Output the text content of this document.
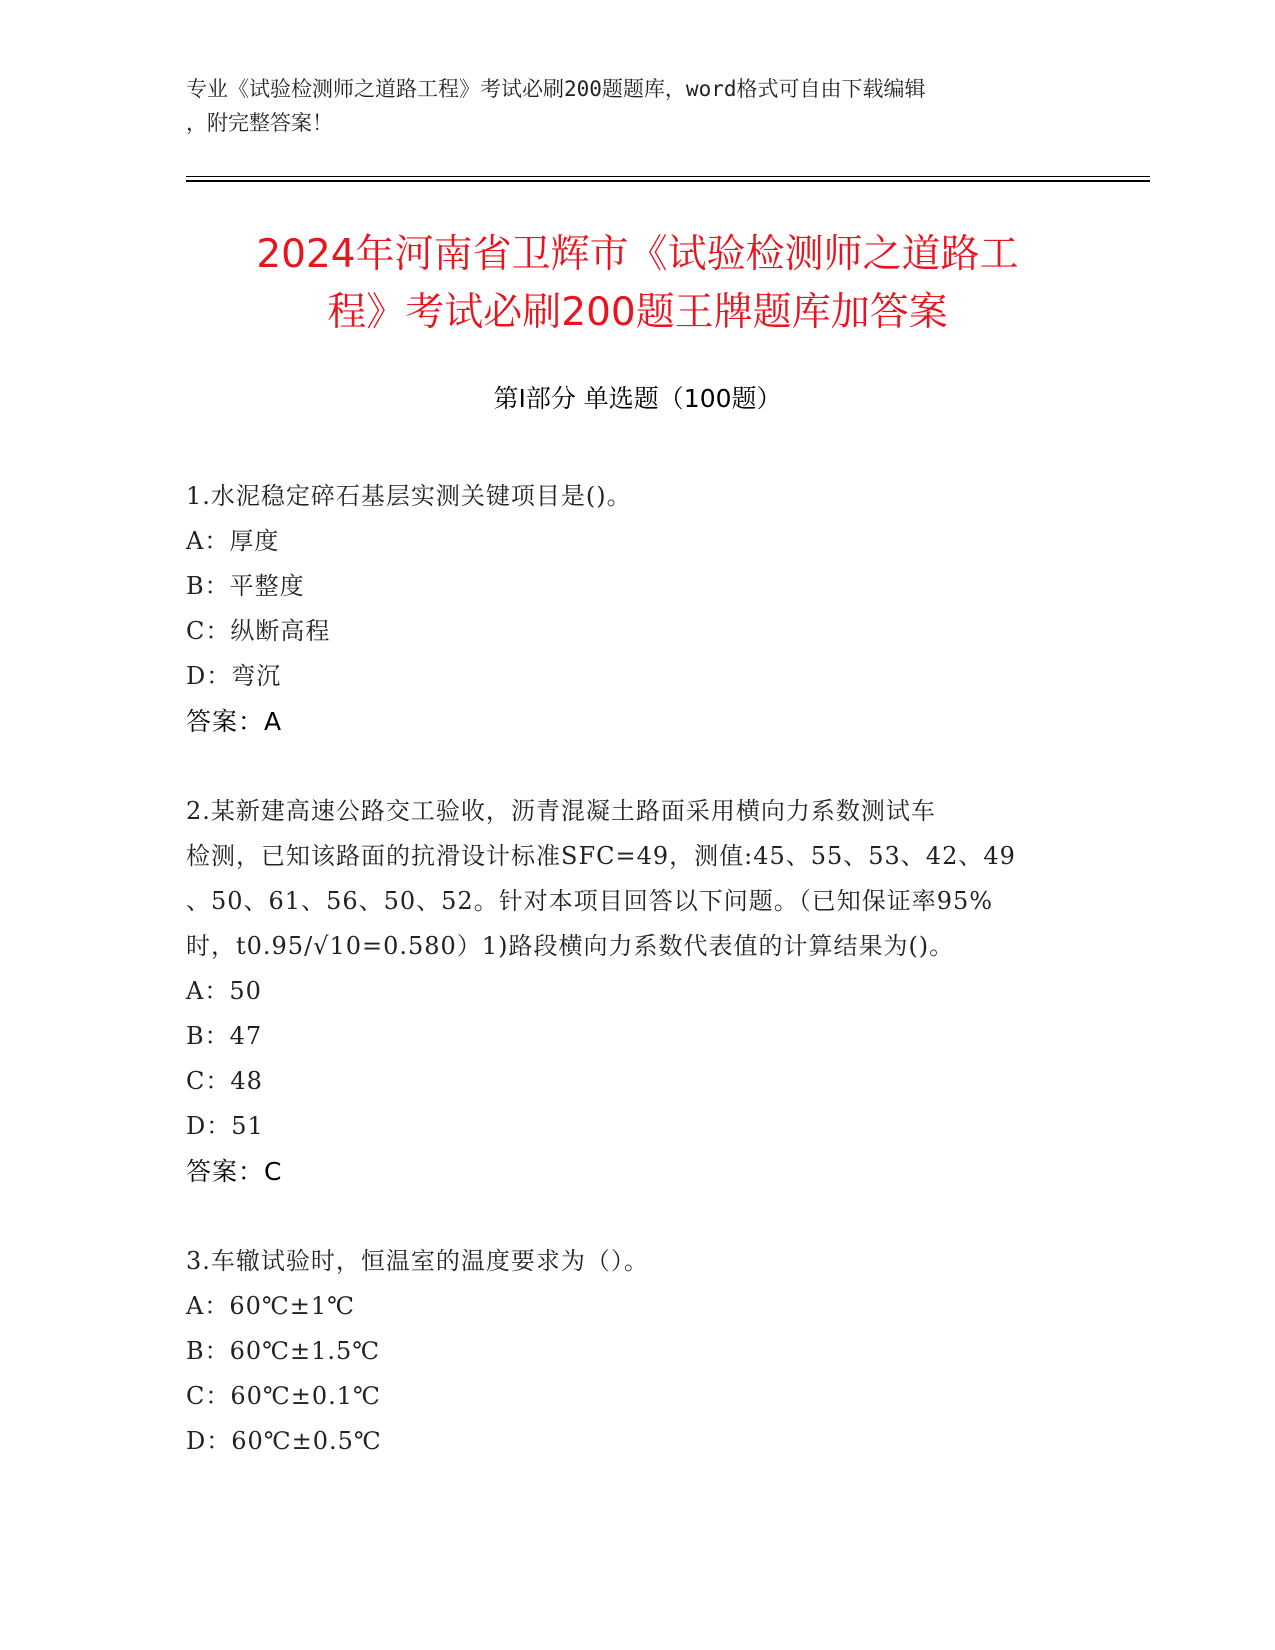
专业《试验检测师之道路工程》考试必刷200题题库，word格式可自由下载编辑
，附完整答案！
2024年河南省卫辉市《试验检测师之道路工
程》考试必刷200题王牌题库加答案
第I部分 单选题（100题）
1.水泥稳定碎石基层实测关键项目是()。
A：厚度
B：平整度
C：纵断高程
D：弯沉
答案：A
2.某新建高速公路交工验收，沥青混凝土路面采用横向力系数测试车
检测，已知该路面的抗滑设计标准SFC=49，测值:45、55、53、42、49
、50、61、56、50、52。针对本项目回答以下问题。（已知保证率95%
时，t0.95/√10=0.580）1)路段横向力系数代表值的计算结果为()。
A：50
B：47
C：48
D：51
答案：C
3.车辙试验时，恒温室的温度要求为（）。
A：60℃±1℃
B：60℃±1.5℃
C：60℃±0.1℃
D：60℃±0.5℃
